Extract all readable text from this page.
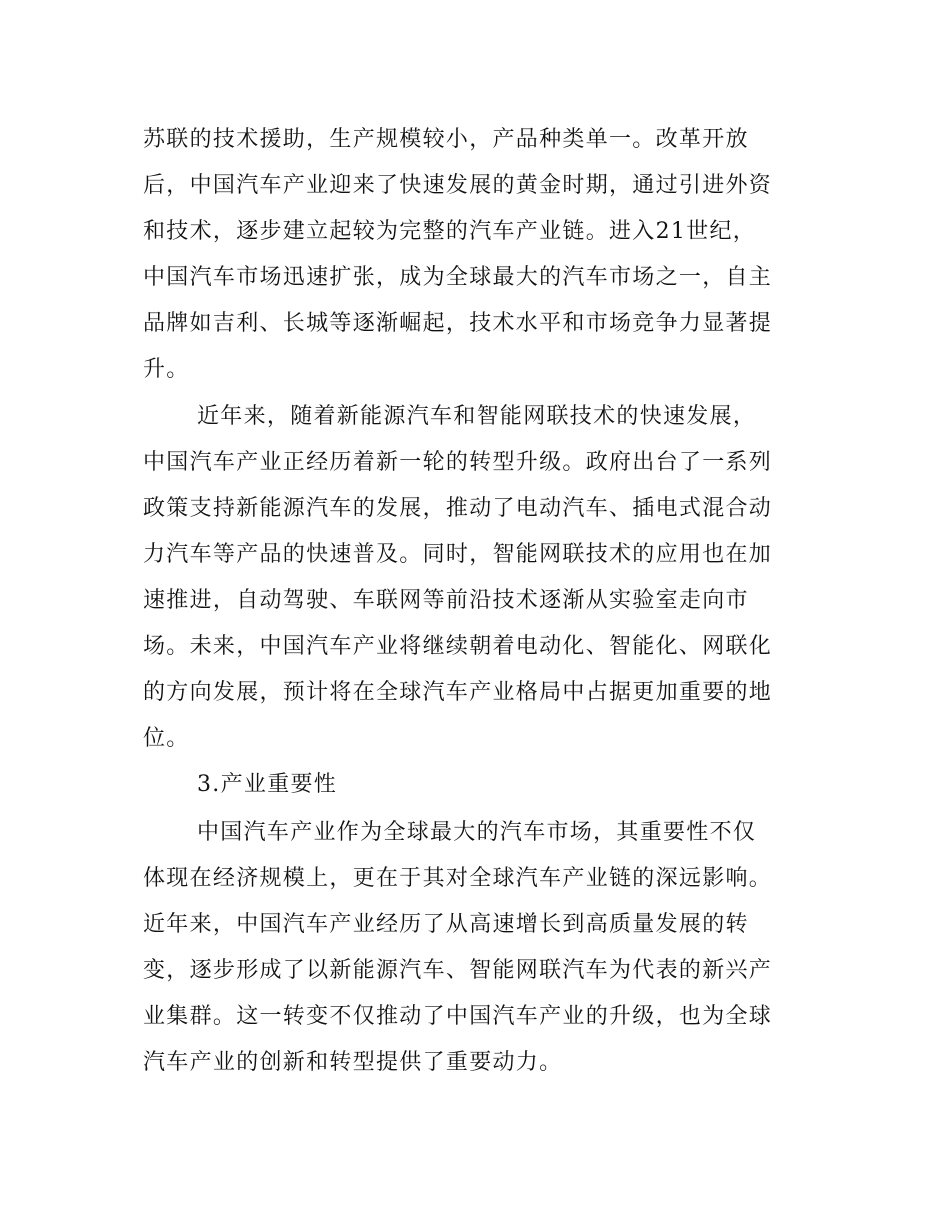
苏联的技术援助，生产规模较小，产品种类单一。改革开放
后，中国汽车产业迎来了快速发展的黄金时期，通过引进外资
和技术，逐步建立起较为完整的汽车产业链。进入21世纪，
中国汽车市场迅速扩张，成为全球最大的汽车市场之一，自主
品牌如吉利、长城等逐渐崛起，技术水平和市场竞争力显著提
升。
近年来，随着新能源汽车和智能网联技术的快速发展，
中国汽车产业正经历着新一轮的转型升级。政府出台了一系列
政策支持新能源汽车的发展，推动了电动汽车、插电式混合动
力汽车等产品的快速普及。同时，智能网联技术的应用也在加
速推进，自动驾驶、车联网等前沿技术逐渐从实验室走向市
场。未来，中国汽车产业将继续朝着电动化、智能化、网联化
的方向发展，预计将在全球汽车产业格局中占据更加重要的地
位。
3.产业重要性
中国汽车产业作为全球最大的汽车市场，其重要性不仅
体现在经济规模上，更在于其对全球汽车产业链的深远影响。
近年来，中国汽车产业经历了从高速增长到高质量发展的转
变，逐步形成了以新能源汽车、智能网联汽车为代表的新兴产
业集群。这一转变不仅推动了中国汽车产业的升级，也为全球
汽车产业的创新和转型提供了重要动力。
